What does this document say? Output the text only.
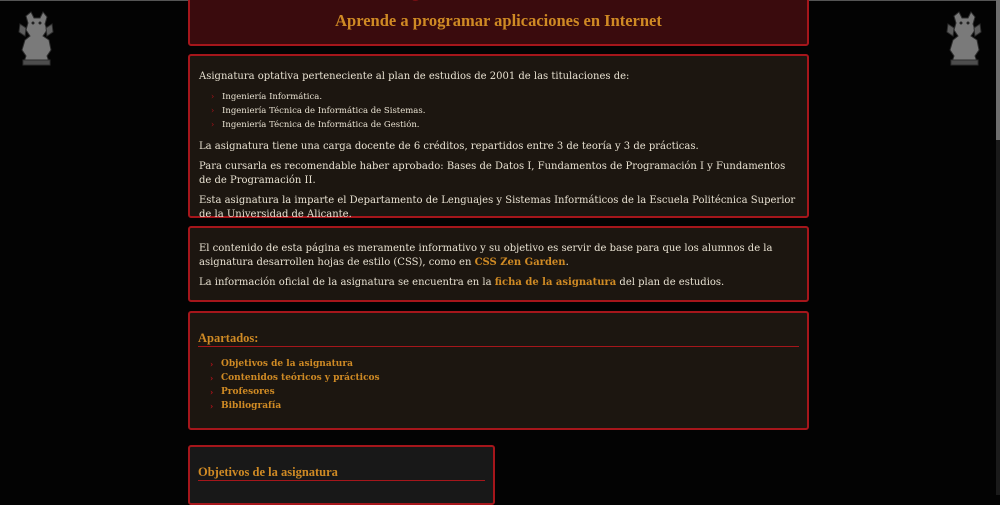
Aprende a programar aplicaciones en Internet

Asignatura optativa perteneciente al plan de estudios de 2001 de las titulaciones de:

› Ingeniería Informática.
› Ingeniería Técnica de Informática de Sistemas.
› Ingeniería Técnica de Informática de Gestión.

La asignatura tiene una carga docente de 6 créditos, repartidos entre 3 de teoría y 3 de prácticas.

Para cursarla es recomendable haber aprobado: Bases de Datos I, Fundamentos de Programación I y Fundamentos de de Programación II.

Esta asignatura la imparte el Departamento de Lenguajes y Sistemas Informáticos de la Escuela Politécnica Superior de la Universidad de Alicante.

El contenido de esta página es meramente informativo y su objetivo es servir de base para que los alumnos de la asignatura desarrollen hojas de estilo (CSS), como en CSS Zen Garden.

La información oficial de la asignatura se encuentra en la ficha de la asignatura del plan de estudios.

Apartados:
› Objetivos de la asignatura
› Contenidos teóricos y prácticos
› Profesores
› Bibliografía
Objetivos de la asignatura
